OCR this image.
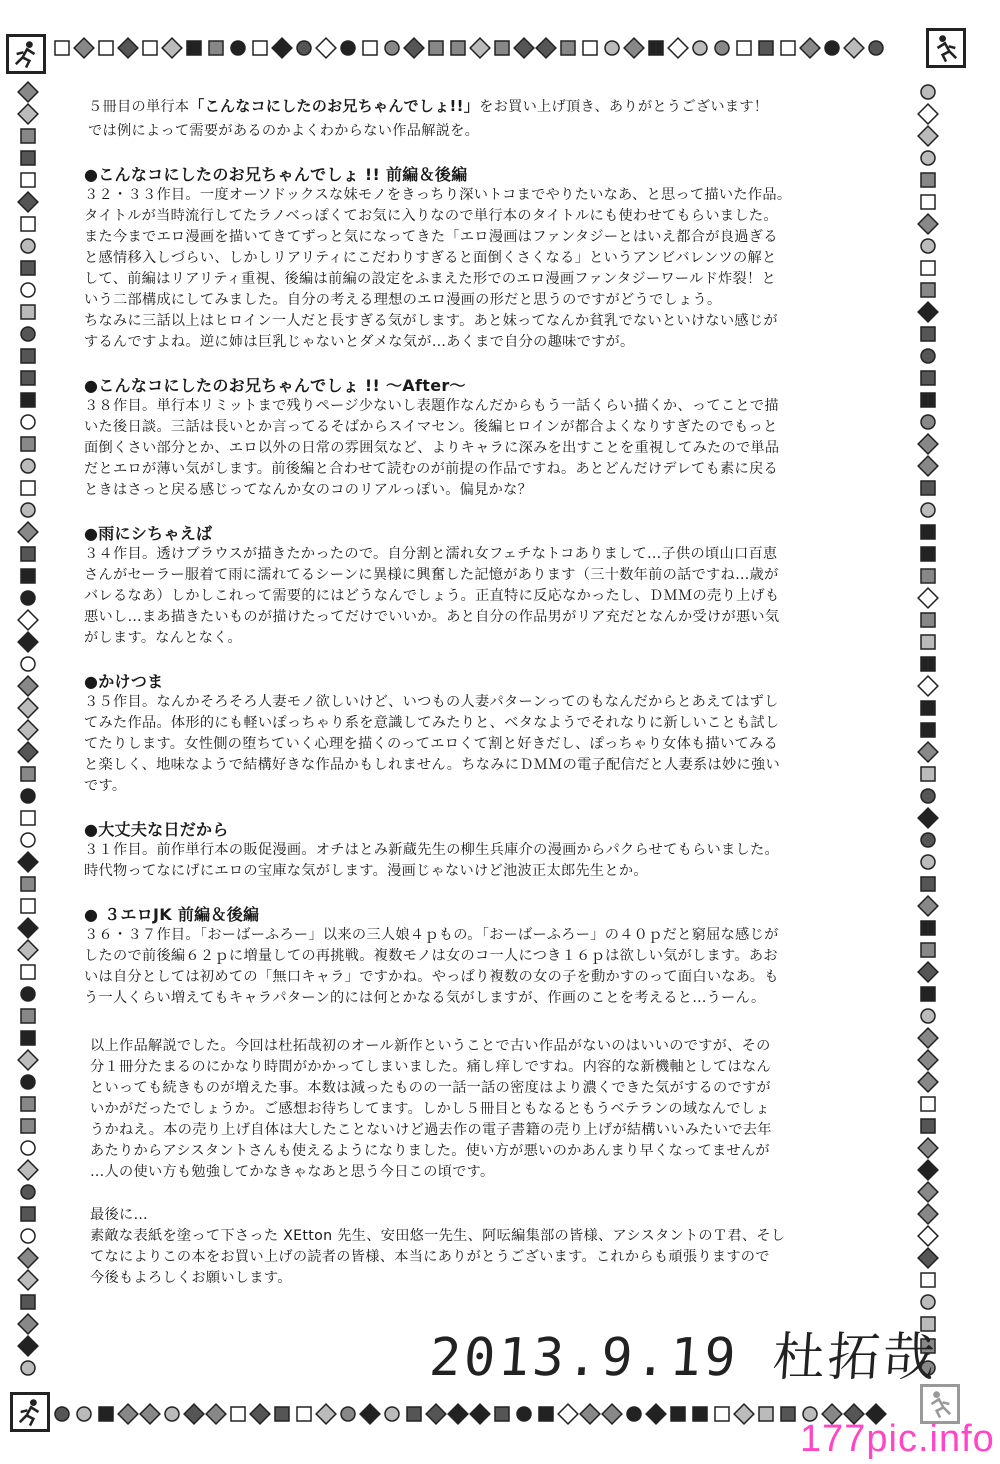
５冊目の単行本「こんなコにしたのお兄ちゃんでしょ!!」をお買い上げ頂き、ありがとうございます！

では例によって需要があるのかよくわからない作品解説を。

●こんなコにしたのお兄ちゃんでしょ !! 前編＆後編

３２・３３作目。一度オーソドックスな妹モノをきっちり深いトコまでやりたいなあ、と思って描いた作品。
タイトルが当時流行してたラノベっぽくてお気に入りなので単行本のタイトルにも使わせてもらいました。
また今までエロ漫画を描いてきてずっと気になってきた「エロ漫画はファンタジーとはいえ都合が良過ぎる
と感情移入しづらい、しかしリアリティにこだわりすぎると面倒くさくなる」というアンビバレンツの解と
して、前編はリアリティ重視、後編は前編の設定をふまえた形でのエロ漫画ファンタジーワールド炸裂！と
いう二部構成にしてみました。自分の考える理想のエロ漫画の形だと思うのですがどうでしょう。
ちなみに三話以上はヒロイン一人だと長すぎる気がします。あと妹ってなんか貧乳でないといけない感じが
するんですよね。逆に姉は巨乳じゃないとダメな気が…あくまで自分の趣味ですが。

●こんなコにしたのお兄ちゃんでしょ !! ～After～

３８作目。単行本リミットまで残りページ少ないし表題作なんだからもう一話くらい描くか、ってことで描
いた後日談。三話は長いとか言ってるそばからスイマセン。後編ヒロインが都合よくなりすぎたのでもっと
面倒くさい部分とか、エロ以外の日常の雰囲気など、よりキャラに深みを出すことを重視してみたので単品
だとエロが薄い気がします。前後編と合わせて読むのが前提の作品ですね。あとどんだけデレても素に戻る
ときはさっと戻る感じってなんか女のコのリアルっぽい。偏見かな？

●雨にシちゃえば

３４作目。透けブラウスが描きたかったので。自分割と濡れ女フェチなトコありまして…子供の頃山口百恵
さんがセーラー服着て雨に濡れてるシーンに異様に興奮した記憶があります（三十数年前の話ですね…歳が
バレるなあ）しかしこれって需要的にはどうなんでしょう。正直特に反応なかったし、ＤＭＭの売り上げも
悪いし…まあ描きたいものが描けたってだけでいいか。あと自分の作品男がリア充だとなんか受けが悪い気
がします。なんとなく。

●かけつま

３５作目。なんかそろそろ人妻モノ欲しいけど、いつもの人妻パターンってのもなんだからとあえてはずし
てみた作品。体形的にも軽いぽっちゃり系を意識してみたりと、ベタなようでそれなりに新しいことも試し
てたりします。女性側の堕ちていく心理を描くのってエロくて割と好きだし、ぽっちゃり女体も描いてみる
と楽しく、地味なようで結構好きな作品かもしれません。ちなみにＤＭＭの電子配信だと人妻系は妙に強い
です。

●大丈夫な日だから

３１作目。前作単行本の販促漫画。オチはとみ新蔵先生の柳生兵庫介の漫画からパクらせてもらいました。
時代物ってなにげにエロの宝庫な気がします。漫画じゃないけど池波正太郎先生とか。

● ３エロJK 前編＆後編

３６・３７作目。「おーばーふろー」以来の三人娘４ｐもの。「おーばーふろー」の４０ｐだと窮屈な感じが
したので前後編６２ｐに増量しての再挑戦。複数モノは女のコ一人につき１６ｐは欲しい気がします。あお
いは自分としては初めての「無口キャラ」ですかね。やっぱり複数の女の子を動かすのって面白いなあ。も
う一人くらい増えてもキャラパターン的には何とかなる気がしますが、作画のことを考えると…うーん。

以上作品解説でした。今回は杜拓哉初のオール新作ということで古い作品がないのはいいのですが、その
分１冊分たまるのにかなり時間がかかってしまいました。痛し痒しですね。内容的な新機軸としてはなん
といっても続きものが増えた事。本数は減ったものの一話一話の密度はより濃くできた気がするのですが
いかがだったでしょうか。ご感想お待ちしてます。しかし５冊目ともなるともうベテランの域なんでしょ
うかねえ。本の売り上げ自体は大したことないけど過去作の電子書籍の売り上げが結構いいみたいで去年
あたりからアシスタントさんも使えるようになりました。使い方が悪いのかあんまり早くなってませんが
…人の使い方も勉強してかなきゃなあと思う今日この頃です。

最後に…

素敵な表紙を塗って下さった XEtton 先生、安田悠一先生、阿呍編集部の皆様、アシスタントのＴ君、そし
てなによりこの本をお買い上げの読者の皆様、本当にありがとうございます。これからも頑張りますので
今後もよろしくお願いします。

2013.9.19 杜拓哉
177pic.info
